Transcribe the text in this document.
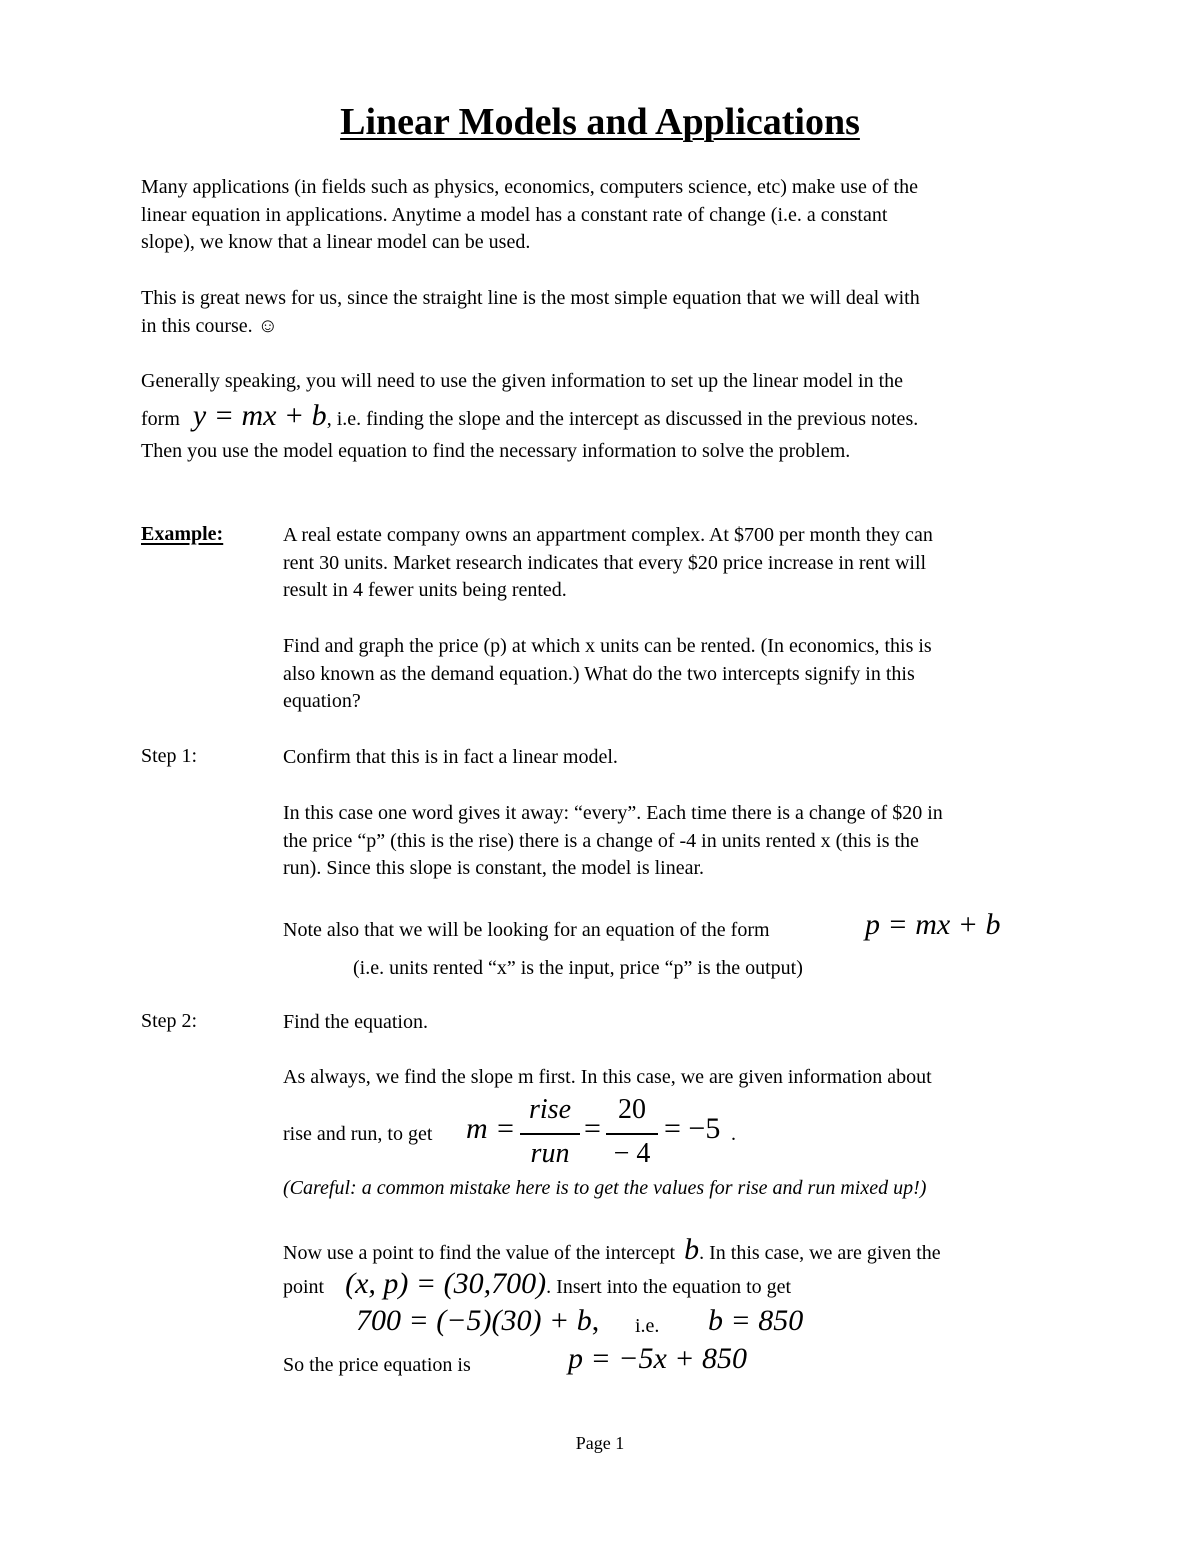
Linear Models and Applications
Many applications (in fields such as physics, economics, computers science, etc) make use of the
linear equation in applications. Anytime a model has a constant rate of change (i.e. a constant
slope), we know that a linear model can be used.
This is great news for us, since the straight line is the most simple equation that we will deal with
in this course. ☺
Generally speaking, you will need to use the given information to set up the linear model in the
form y = mx + b, i.e. finding the slope and the intercept as discussed in the previous notes.
Then you use the model equation to find the necessary information to solve the problem.
Example:	A real estate company owns an appartment complex. At $700 per month they can
rent 30 units. Market research indicates that every $20 price increase in rent will
result in 4 fewer units being rented.
Find and graph the price (p) at which x units can be rented. (In economics, this is
also known as the demand equation.) What do the two intercepts signify in this
equation?
Step 1:	Confirm that this is in fact a linear model.
In this case one word gives it away: “every”. Each time there is a change of $20 in
the price “p” (this is the rise) there is a change of -4 in units rented x (this is the
run). Since this slope is constant, the model is linear.
Note also that we will be looking for an equation of the form	p = mx + b
(i.e. units rented “x” is the input, price “p” is the output)
Step 2:	Find the equation.
As always, we find the slope m first. In this case, we are given information about
rise and run, to get m =
rise
run
=
20
− 4
= −5 .
(Careful: a common mistake here is to get the values for rise and run mixed up!)
Now use a point to find the value of the intercept b. In this case, we are given the
point (x, p) = (30,700). Insert into the equation to get
700 = (−5)(30) + b, i.e. b = 850
So the price equation is	p = −5x + 850
Page 1
